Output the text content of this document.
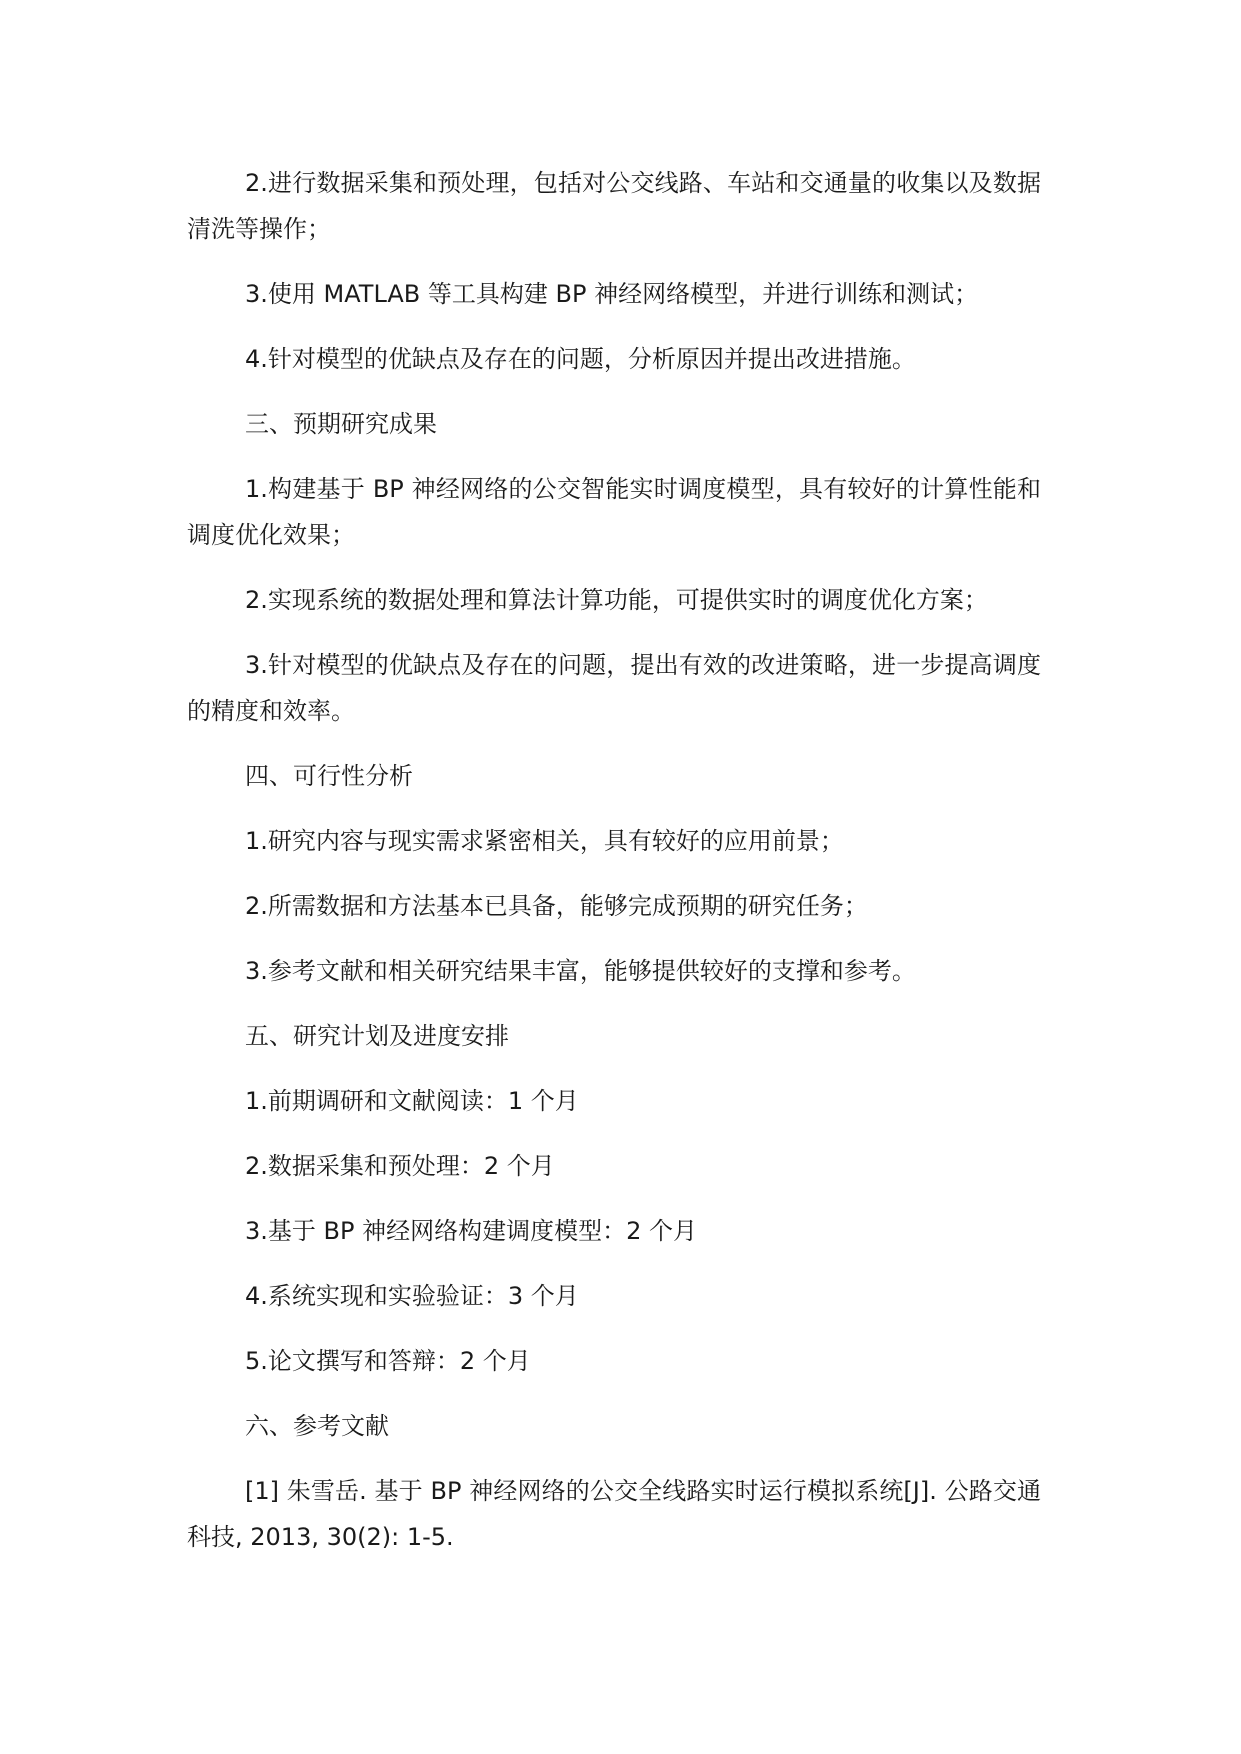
2.进行数据采集和预处理，包括对公交线路、车站和交通量的收集以及数据清洗等操作；

3.使用 MATLAB 等工具构建 BP 神经网络模型，并进行训练和测试；

4.针对模型的优缺点及存在的问题，分析原因并提出改进措施。

三、预期研究成果

1.构建基于 BP 神经网络的公交智能实时调度模型，具有较好的计算性能和调度优化效果；

2.实现系统的数据处理和算法计算功能，可提供实时的调度优化方案；

3.针对模型的优缺点及存在的问题，提出有效的改进策略，进一步提高调度的精度和效率。

四、可行性分析

1.研究内容与现实需求紧密相关，具有较好的应用前景；

2.所需数据和方法基本已具备，能够完成预期的研究任务；

3.参考文献和相关研究结果丰富，能够提供较好的支撑和参考。

五、研究计划及进度安排

1.前期调研和文献阅读：1 个月

2.数据采集和预处理：2 个月

3.基于 BP 神经网络构建调度模型：2 个月

4.系统实现和实验验证：3 个月

5.论文撰写和答辩：2 个月

六、参考文献

[1] 朱雪岳. 基于 BP 神经网络的公交全线路实时运行模拟系统[J]. 公路交通科技, 2013, 30(2): 1-5.
